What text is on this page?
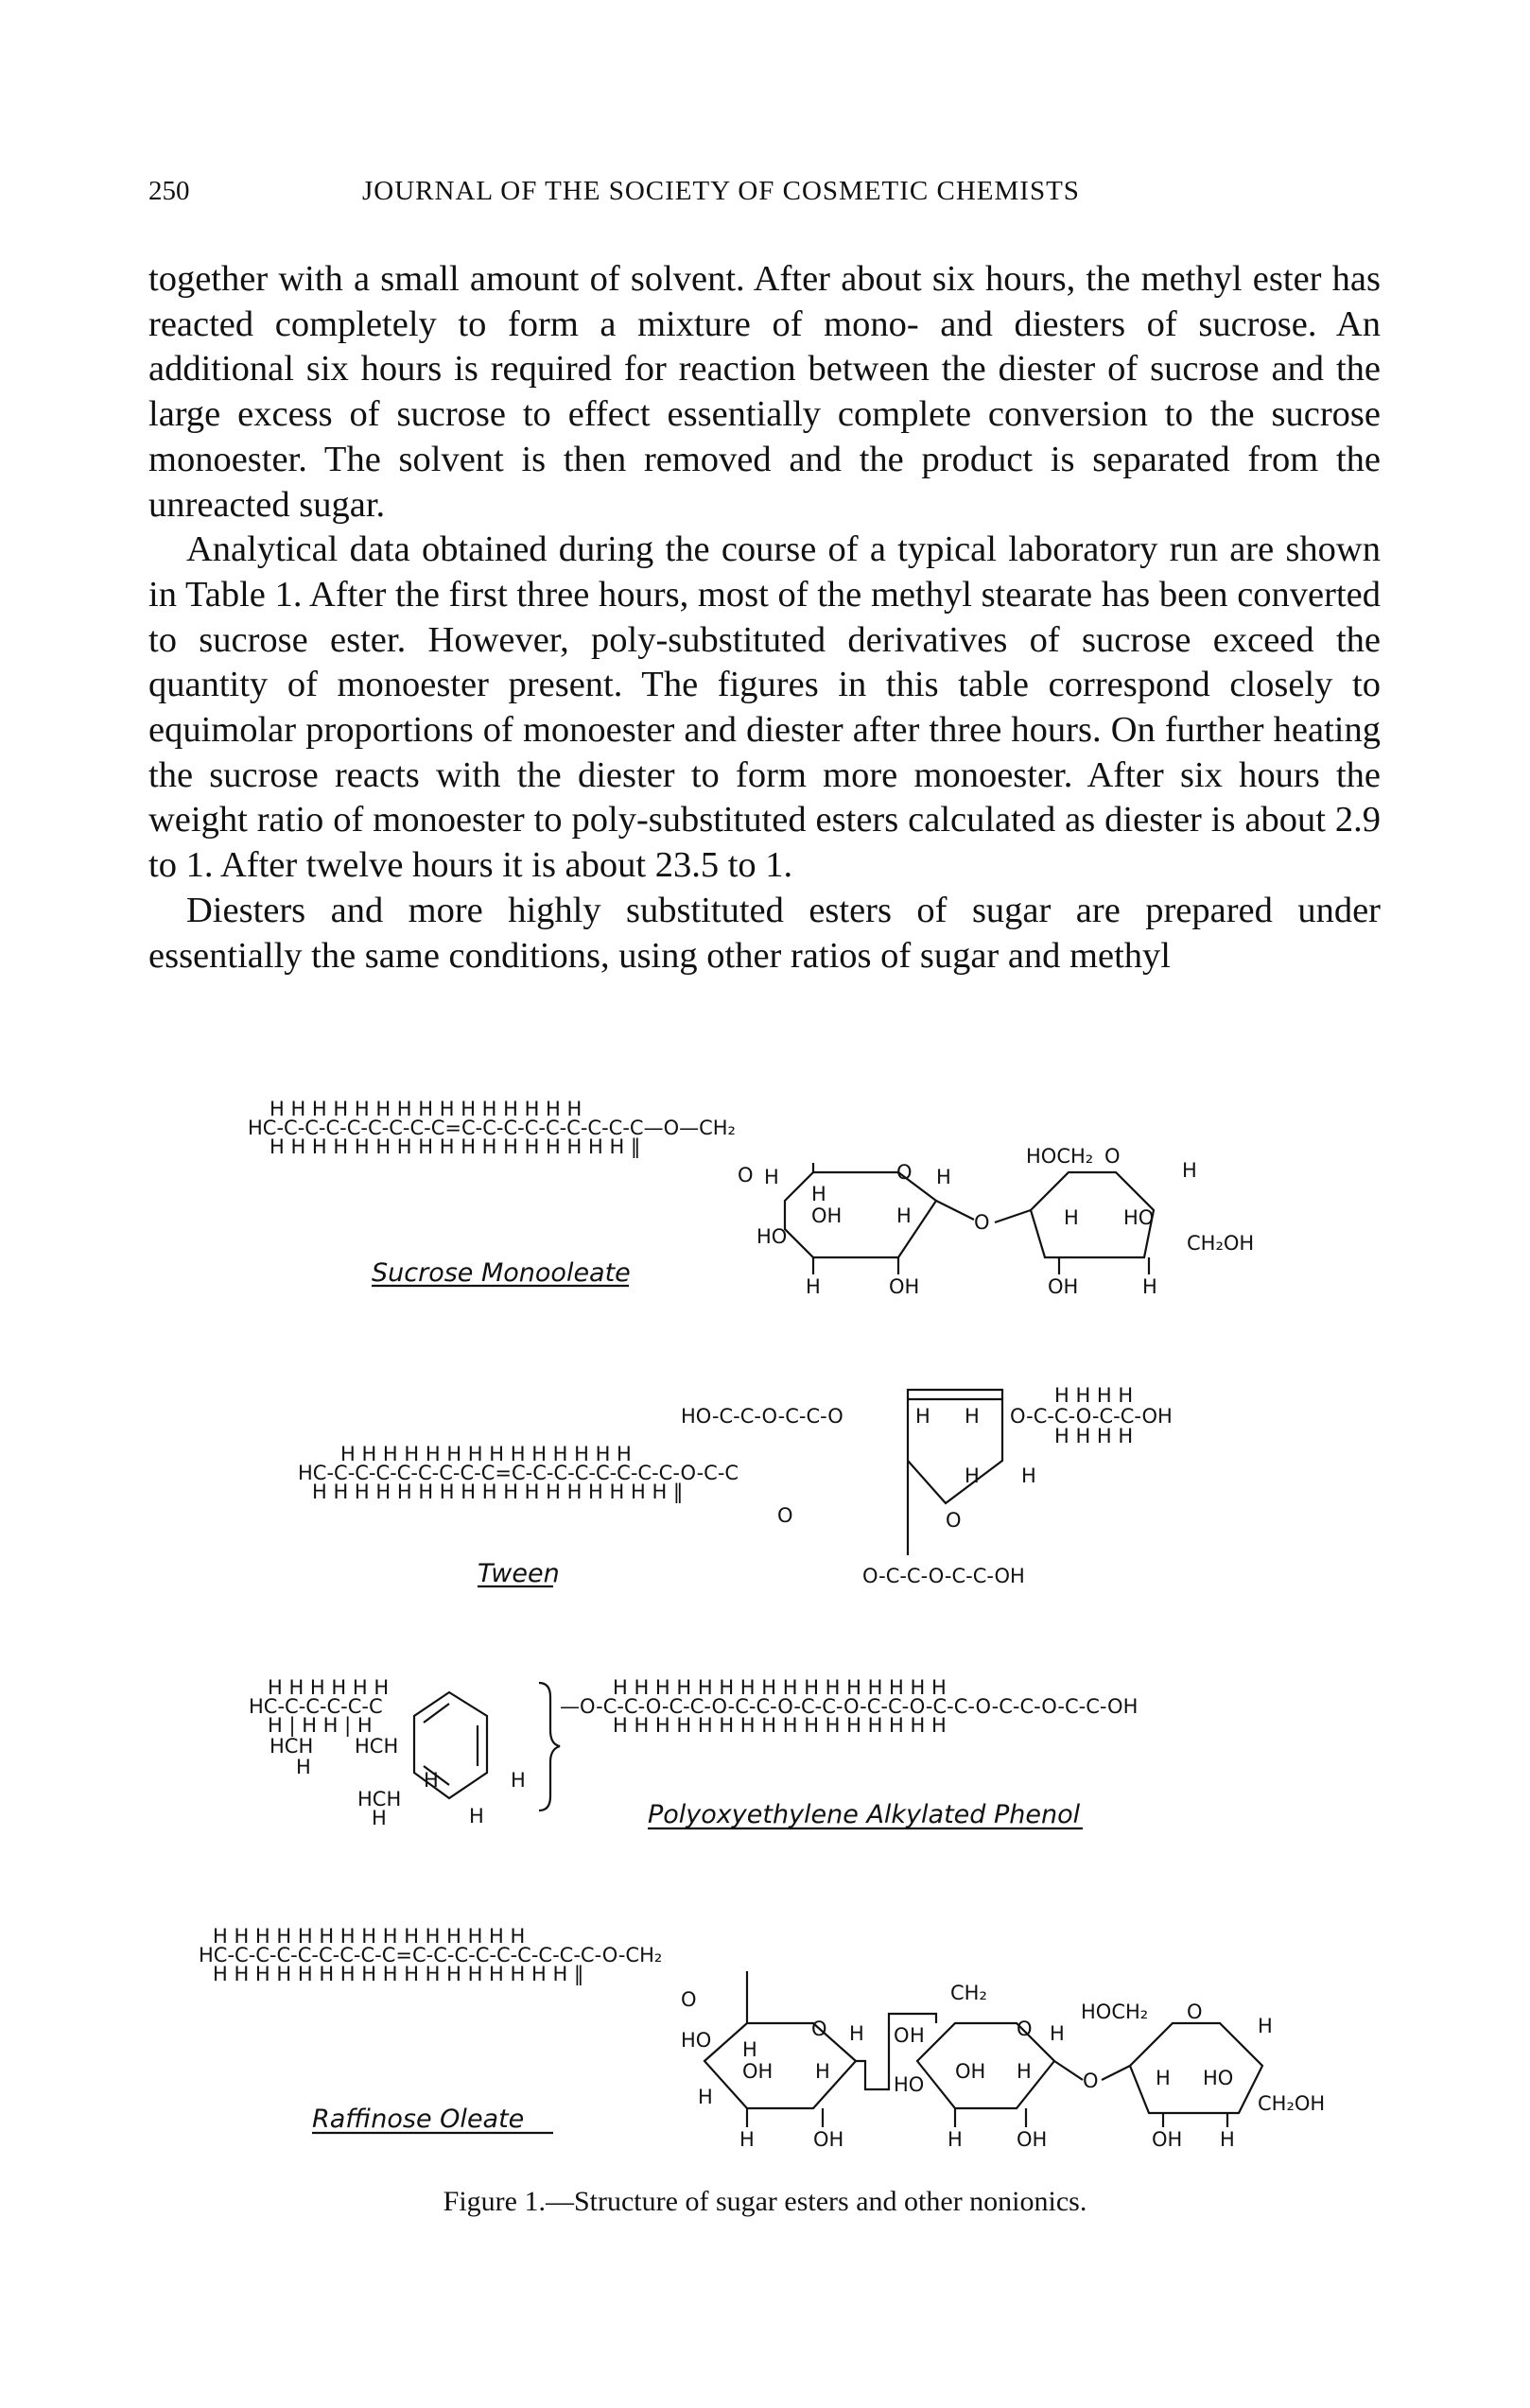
250	JOURNAL OF THE SOCIETY OF COSMETIC CHEMISTS

together with a small amount of solvent. After about six hours, the methyl ester has reacted completely to form a mixture of mono- and diesters of sucrose. An additional six hours is required for reaction between the diester of sucrose and the large excess of sucrose to effect essentially complete conversion to the sucrose monoester. The solvent is then removed and the product is separated from the unreacted sugar.

Analytical data obtained during the course of a typical laboratory run are shown in Table 1. After the first three hours, most of the methyl stearate has been converted to sucrose ester. However, poly-substituted derivatives of sucrose exceed the quantity of monoester present. The figures in this table correspond closely to equimolar proportions of monoester and diester after three hours. On further heating the sucrose reacts with the diester to form more monoester. After six hours the weight ratio of monoester to poly-substituted esters calculated as diester is about 2.9 to 1. After twelve hours it is about 23.5 to 1.

Diesters and more highly substituted esters of sugar are prepared under essentially the same conditions, using other ratios of sugar and methyl

H H H H H H H H H H H H H H H
HC-C-C-C-C-C-C-C-C=C-C-C-C-C-C-C-C-C—O—CH₂
H H H H H H H H H H H H H H H H H ‖
O H	O H
H
OH	H
HO
H	OH
O
HOCH₂ O
H
H HO
CH₂OH
OH	H
Sucrose Monooleate
HO-C-C-O-C-C-O	H H
H H H H
O-C-C-O-C-C-OH
H H H H
H H H H H H H H H H H H H H
HC-C-C-C-C-C-C-C-C=C-C-C-C-C-C-C-C-O-C-C
H H H H H H H H H H H H H H H H H ‖
O
H H
O
O-C-C-O-C-C-OH
Tween
H H H H H H
HC-C-C-C-C-C
H | H H | H
HCH HCH
H
HCH
H
H	H
H
H H H H H H H H H H H H H H H H
—O-C-C-O-C-C-O-C-C-O-C-C-O-C-C-O-C-C-O-C-C-O-C-C-OH
H H H H H H H H H H H H H H H H
Polyoxyethylene Alkylated Phenol
H H H H H H H H H H H H H H H
HC-C-C-C-C-C-C-C-C=C-C-C-C-C-C-C-C-C-O-CH₂
H H H H H H H H H H H H H H H H H ‖
O
HO	O H
H
OH H
H
H	OH
O H
CH₂
O H
OH H
HO
H	OH
O
HOCH₂ O
H
H HO
CH₂OH
OH H
Raffinose Oleate
Figure 1.—Structure of sugar esters and other nonionics.
